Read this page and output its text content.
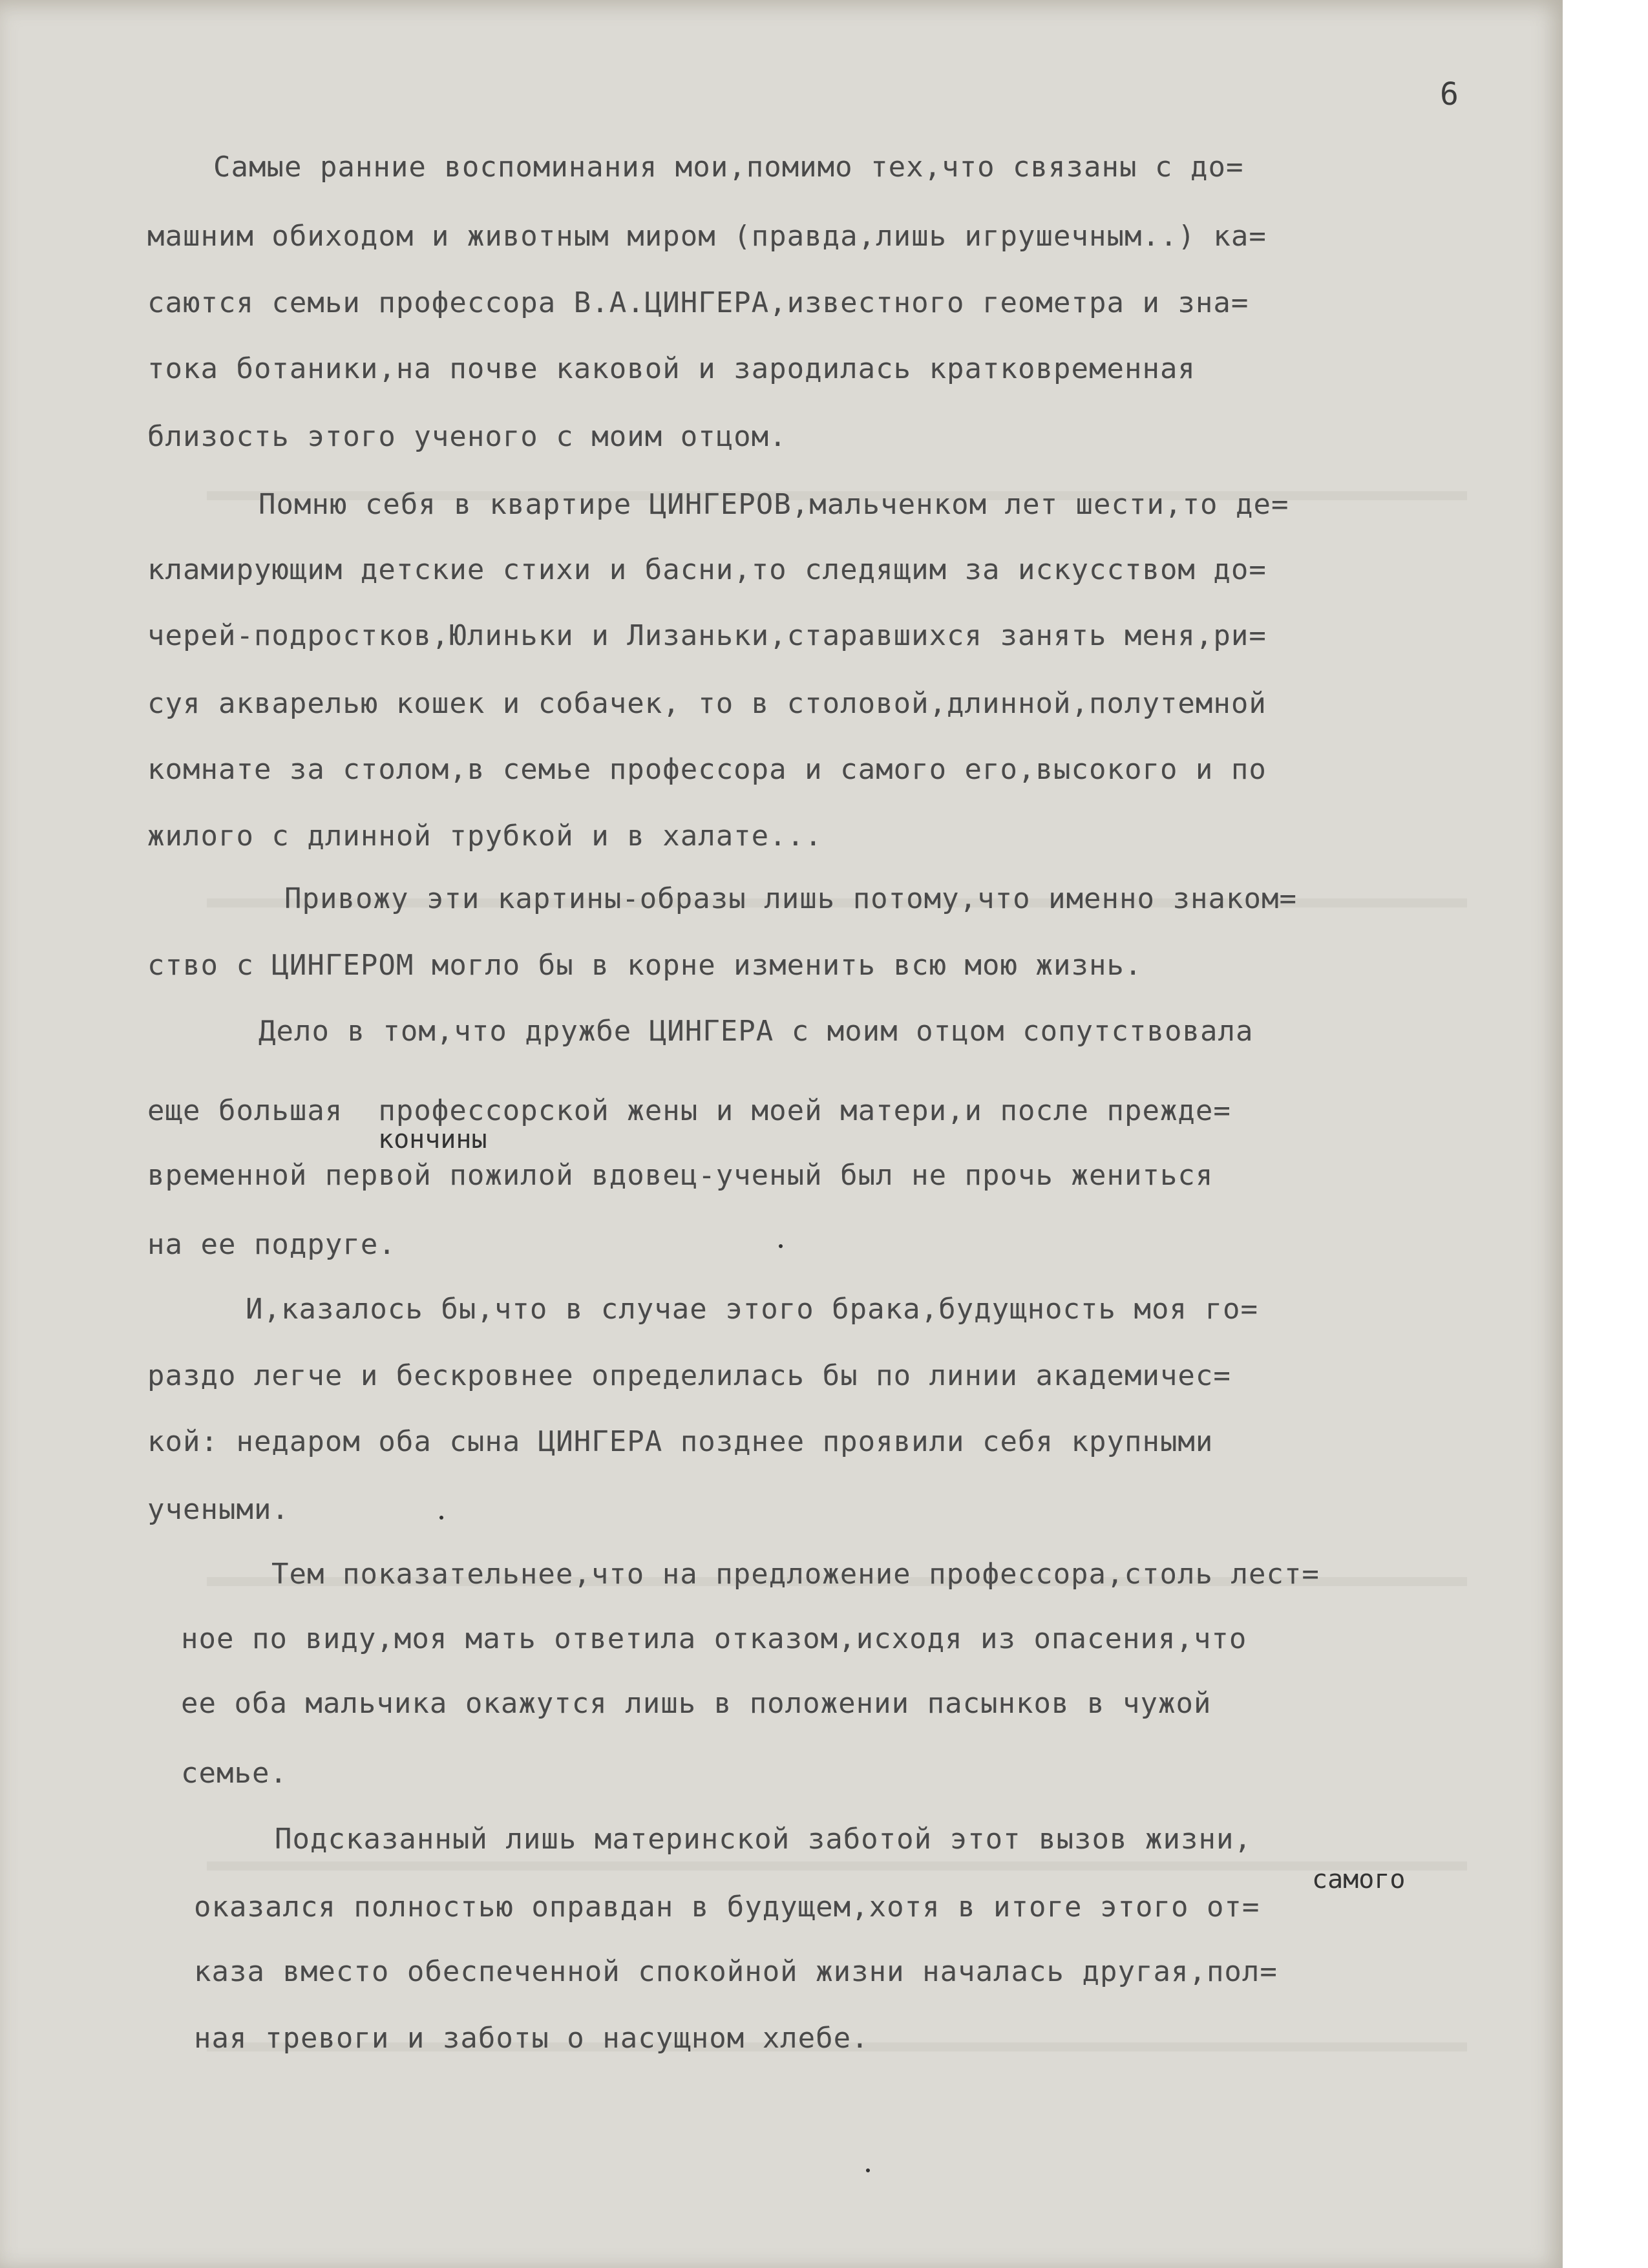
6

Самые ранние воспоминания мои,помимо тех,что связаны с до=

машним обиходом и животным миром (правда,лишь игрушечным..) ка=

саются семьи профессора В.А.ЦИНГЕРА,известного геометра и зна=

тока ботаники,на почве каковой и зародилась кратковременная

близость этого ученого с моим отцом.

Помню себя в квартире ЦИНГЕРОВ,мальченком лет шести,то де=

кламирующим детские стихи и басни,то следящим за искусством до=

черей-подростков,Юлиньки и Лизаньки,старавшихся занять меня,ри=

суя акварелью кошек и собачек, то в столовой,длинной,полутемной

комнате за столом,в семье профессора и самого его,высокого и по

жилого с длинной трубкой и в халате...

Привожу эти картины-образы лишь потому,что именно знаком=

ство с ЦИНГЕРОМ могло бы в корне изменить всю мою жизнь.

Дело в том,что дружбе ЦИНГЕРА с моим отцом сопутствовала

еще большая  профессорской жены и моей матери,и после прежде=

кончины

временной первой пожилой вдовец-ученый был не прочь жениться

на ее подруге.

И,казалось бы,что в случае этого брака,будущность моя го=

раздо легче и бескровнее определилась бы по линии академичес=

кой: недаром оба сына ЦИНГЕРА позднее проявили себя крупными

учеными.

Тем показательнее,что на предложение профессора,столь лест=

ное по виду,моя мать ответила отказом,исходя из опасения,что

ее оба мальчика окажутся лишь в положении пасынков в чужой

семье.

Подсказанный лишь материнской заботой этот вызов жизни,

самого

оказался полностью оправдан в будущем,хотя в итоге этого от=

каза вместо обеспеченной спокойной жизни началась другая,пол=

ная тревоги и заботы о насущном хлебе.
